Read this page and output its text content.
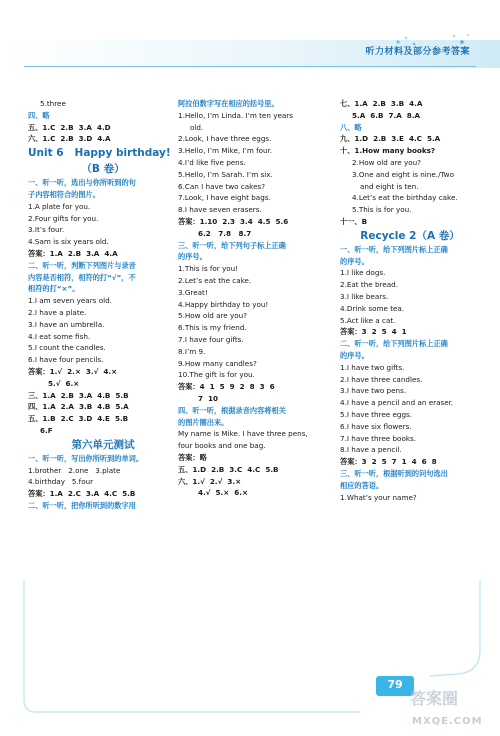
听力材料及部分参考答案
5.three
四、略
五、1.C  2.B  3.A  4.D
六、1.C  2.B  3.D  4.A
Unit 6   Happy birthday!
（B 卷）
一、听一听，选出与你所听到的句
子内容相符合的图片。
1.A plate for you.
2.Four gifts for you.
3.It’s four.
4.Sam is six years old.
答案：1.A  2.B  3.A  4.A
二、听一听，判断下列图片与录音
内容是否相符，相符的打“√”，不
相符的打“×”。
1.I am seven years old.
2.I have a plate.
3.I have an umbrella.
4.I eat some fish.
5.I count the candles.
6.I have four pencils.
答案：1.√  2.×  3.√  4.×
5.√  6.×
三、1.A  2.B  3.A  4.B  5.B
四、1.A  2.A  3.B  4.B  5.A
五、1.B  2.C  3.D  4.E  5.B
6.F
第六单元测试
一、听一听，写出你所听到的单词。
1.brother   2.one   3.plate
4.birthday   5.four
答案：1.A  2.C  3.A  4.C  5.B
二、听一听，把你所听到的数字用
阿拉伯数字写在相应的括号里。
1.Hello, I’m Linda. I’m ten years
old.
2.Look, I have three eggs.
3.Hello, I’m Mike, I’m four.
4.I’d like five pens.
5.Hello, I’m Sarah. I’m six.
6.Can I have two cakes?
7.Look, I have eight bags.
8.I have seven erasers.
答案：1.10  2.3  3.4  4.5  5.6
6.2   7.8   8.7
三、听一听，给下列句子标上正确
的序号。
1.This is for you!
2.Let’s eat the cake.
3.Great!
4.Happy birthday to you!
5.How old are you?
6.This is my friend.
7.I have four gifts.
8.I’m 9.
9.How many candles?
10.The gift is for you.
答案：4  1  5  9  2  8  3  6
7  10
四、听一听，根据录音内容将相关
的图片圈出来。
My name is Mike. I have three pens,
four books and one bag.
答案：略
五、1.D  2.B  3.C  4.C  5.B
六、1.√  2.√  3.×
4.√  5.×  6.×
七、1.A  2.B  3.B  4.A
5.A  6.B  7.A  8.A
八、略
九、1.D  2.B  3.E  4.C  5.A
十、1.How many books?
2.How old are you?
3.One and eight is nine./Two
and eight is ten.
4.Let’s eat the birthday cake.
5.This is for you.
十一、B
Recycle 2（A 卷）
一、听一听，给下列图片标上正确
的序号。
1.I like dogs.
2.Eat the bread.
3.I like bears.
4.Drink some tea.
5.Act like a cat.
答案：3  2  5  4  1
二、听一听，给下列图片标上正确
的序号。
1.I have two gifts.
2.I have three candles.
3.I have two pens.
4.I have a pencil and an eraser.
5.I have three eggs.
6.I have six flowers.
7.I have three books.
8.I have a pencil.
答案：3  2  5  7  1  4  6  8
三、听一听，根据听到的问句选出
相应的答语。
1.What’s your name?
79
答案圈
MXQE.COM
